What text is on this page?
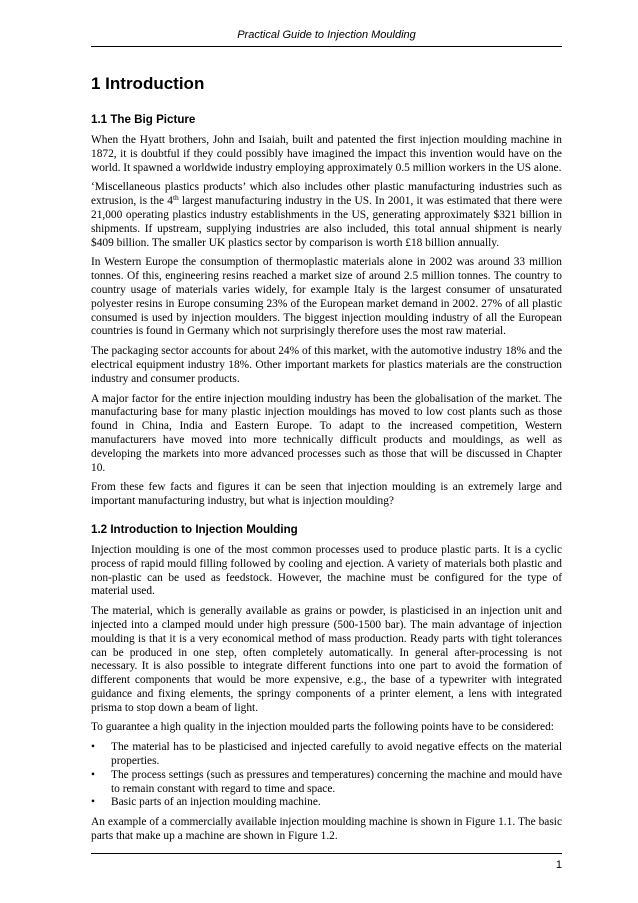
Practical Guide to Injection Moulding
1 Introduction
1.1 The Big Picture

When the Hyatt brothers, John and Isaiah, built and patented the first injection moulding machine in 1872, it is doubtful if they could possibly have imagined the impact this invention would have on the world. It spawned a worldwide industry employing approximately 0.5 million workers in the US alone.

‘Miscellaneous plastics products’ which also includes other plastic manufacturing industries such as extrusion, is the 4th largest manufacturing industry in the US. In 2001, it was estimated that there were 21,000 operating plastics industry establishments in the US, generating approximately $321 billion in shipments. If upstream, supplying industries are also included, this total annual shipment is nearly $409 billion. The smaller UK plastics sector by comparison is worth £18 billion annually.

In Western Europe the consumption of thermoplastic materials alone in 2002 was around 33 million tonnes. Of this, engineering resins reached a market size of around 2.5 million tonnes. The country to country usage of materials varies widely, for example Italy is the largest consumer of unsaturated polyester resins in Europe consuming 23% of the European market demand in 2002. 27% of all plastic consumed is used by injection moulders. The biggest injection moulding industry of all the European countries is found in Germany which not surprisingly therefore uses the most raw material.

The packaging sector accounts for about 24% of this market, with the automotive industry 18% and the electrical equipment industry 18%. Other important markets for plastics materials are the construction industry and consumer products.

A major factor for the entire injection moulding industry has been the globalisation of the market. The manufacturing base for many plastic injection mouldings has moved to low cost plants such as those found in China, India and Eastern Europe. To adapt to the increased competition, Western manufacturers have moved into more technically difficult products and mouldings, as well as developing the markets into more advanced processes such as those that will be discussed in Chapter 10.

From these few facts and figures it can be seen that injection moulding is an extremely large and important manufacturing industry, but what is injection moulding?

1.2 Introduction to Injection Moulding

Injection moulding is one of the most common processes used to produce plastic parts. It is a cyclic process of rapid mould filling followed by cooling and ejection. A variety of materials both plastic and non-plastic can be used as feedstock. However, the machine must be configured for the type of material used.

The material, which is generally available as grains or powder, is plasticised in an injection unit and injected into a clamped mould under high pressure (500-1500 bar). The main advantage of injection moulding is that it is a very economical method of mass production. Ready parts with tight tolerances can be produced in one step, often completely automatically. In general after-processing is not necessary. It is also possible to integrate different functions into one part to avoid the formation of different components that would be more expensive, e.g., the base of a typewriter with integrated guidance and fixing elements, the springy components of a printer element, a lens with integrated prisma to stop down a beam of light.

To guarantee a high quality in the injection moulded parts the following points have to be considered:

• The material has to be plasticised and injected carefully to avoid negative effects on the material properties.
• The process settings (such as pressures and temperatures) concerning the machine and mould have to remain constant with regard to time and space.
• Basic parts of an injection moulding machine.

An example of a commercially available injection moulding machine is shown in Figure 1.1. The basic parts that make up a machine are shown in Figure 1.2.

1
